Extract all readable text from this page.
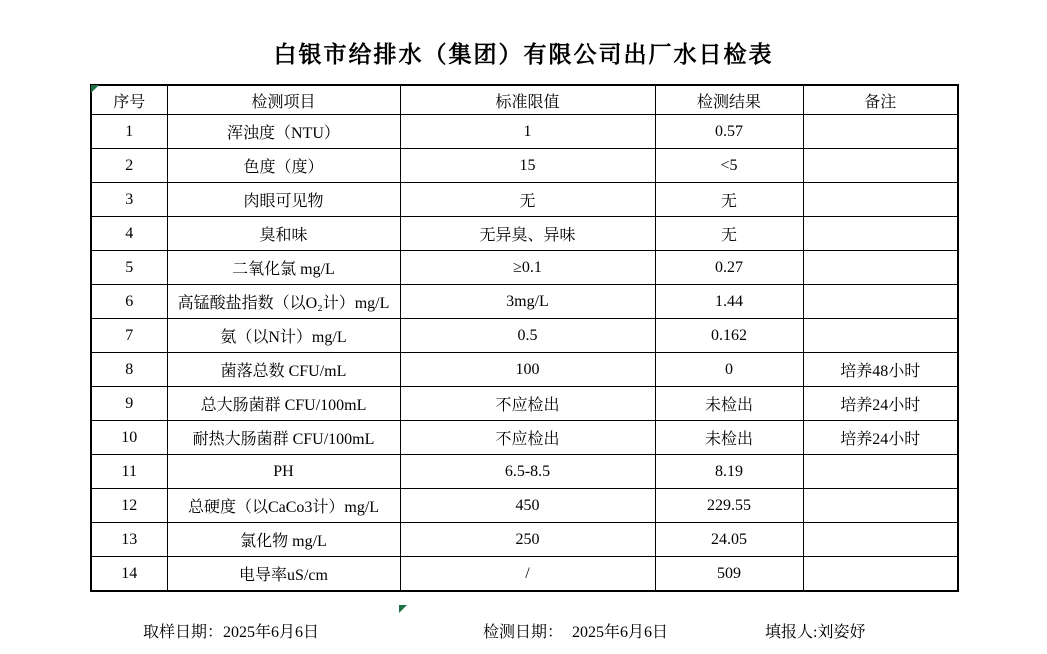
白银市给排水（集团）有限公司出厂水日检表
序号	检测项目	标准限值	检测结果	备注
1	浑浊度（NTU）	1	0.57	
2	色度（度）	15	<5	
3	肉眼可见物	无	无	
4	臭和味	无异臭、异味	无	
5	二氧化氯 mg/L	≥0.1	0.27	
6	高锰酸盐指数（以O₂计）mg/L	3mg/L	1.44	
7	氨（以N计）mg/L	0.5	0.162	
8	菌落总数 CFU/mL	100	0	培养48小时
9	总大肠菌群 CFU/100mL	不应检出	未检出	培养24小时
10	耐热大肠菌群 CFU/100mL	不应检出	未检出	培养24小时
11	PH	6.5-8.5	8.19	
12	总硬度（以CaCo3计）mg/L	450	229.55	
13	氯化物 mg/L	250	24.05	
14	电导率uS/cm	/	509	
取样日期：2025年6月6日	检测日期： 2025年6月6日	填报人:刘姿妤
